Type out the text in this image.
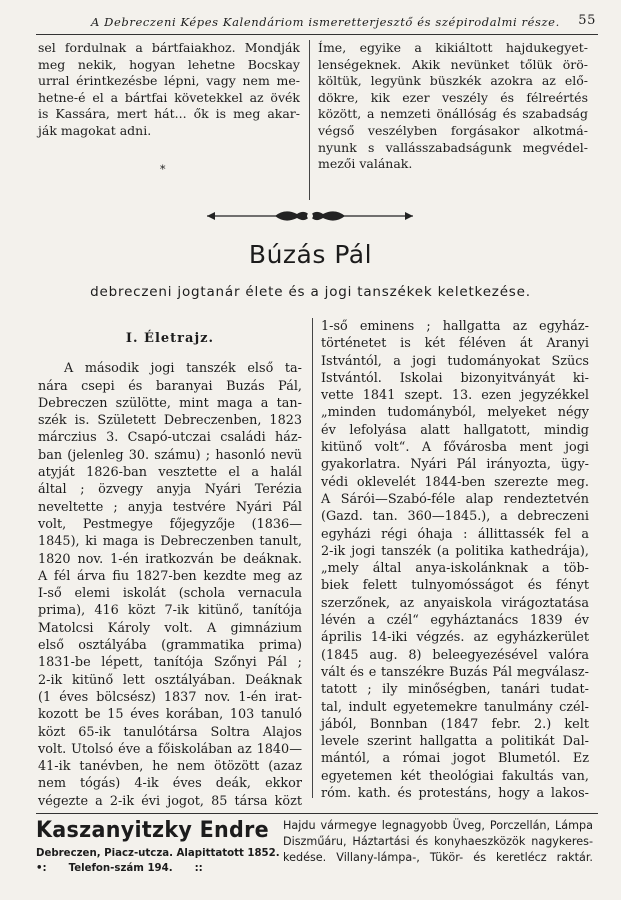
A Debreczeni Képes Kalendáriom ismeretterjesztő és szépirodalmi része. 55
sel fordulnak a bártfaiakhoz. Mondják
meg nekik, hogyan lehetne Bocskay
urral érintkezésbe lépni, vagy nem me-
hetne-é el a bártfai követekkel az övék
is Kassára, mert hát... ők is meg akar-
ják magokat adni.
*
Íme, egyike a kikiáltott hajdukegyet-
lenségeknek. Akik nevünket tőlük örö-
költük, legyünk büszkék azokra az elő-
dökre, kik ezer veszély és félreértés
között, a nemzeti önállóság és szabadság
végső veszélyben forgásakor alkotmá-
nyunk s vallásszabadságunk megvédel-
mezői valának.
Búzás Pál
debreczeni jogtanár élete és a jogi tanszékek keletkezése.
I. Életrajz.
A második jogi tanszék első ta-
nára csepi és baranyai Buzás Pál,
Debreczen szülötte, mint maga a tan-
szék is. Született Debreczenben, 1823
márczius 3. Csapó-utczai családi ház-
ban (jelenleg 30. számu) ; hasonló nevü
atyját 1826-ban vesztette el a halál
által ; özvegy anyja Nyári Terézia
neveltette ; anyja testvére Nyári Pál
volt, Pestmegye főjegyzője (1836—
1845), ki maga is Debreczenben tanult,
1820 nov. 1-én iratkozván be deáknak.
A fél árva fiu 1827-ben kezdte meg az
I-ső elemi iskolát (schola vernacula
prima), 416 közt 7-ik kitünő, tanítója
Matolcsi Károly volt. A gimnázium
első osztályába (grammatika prima)
1831-be lépett, tanítója Szőnyi Pál ;
2-ik kitünő lett osztályában. Deáknak
(1 éves bölcsész) 1837 nov. 1-én irat-
kozott be 15 éves korában, 103 tanuló
közt 65-ik tanulótársa Soltra Alajos
volt. Utolsó éve a főiskolában az 1840—
41-ik tanévben, he nem ötözött (azaz
nem tógás) 4-ik éves deák, ekkor
végezte a 2-ik évi jogot, 85 társa közt
1-ső eminens ; hallgatta az egyház-
történetet is két féléven át Aranyi
Istvántól, a jogi tudományokat Szücs
Istvántól. Iskolai bizonyitványát ki-
vette 1841 szept. 13. ezen jegyzékkel
„minden tudományból, melyeket négy
év lefolyása alatt hallgatott, mindig
kitünő volt“. A fővárosba ment jogi
gyakorlatra. Nyári Pál irányozta, ügy-
védi oklevelét 1844-ben szerezte meg.
A Sárói—Szabó-féle alap rendeztetvén
(Gazd. tan. 360—1845.), a debreczeni
egyházi régi óhaja : állittassék fel a
2-ik jogi tanszék (a politika kathedrája),
„mely által anya-iskolánknak a töb-
biek felett tulnyomósságot és fényt
szerzőnek, az anyaiskola virágoztatása
lévén a czél“ egyháztanács 1839 év
április 14-iki végzés. az egyházkerület
(1845 aug. 8) beleegyezésével valóra
vált és e tanszékre Buzás Pál megválasz-
tatott ; ily minőségben, tanári tudat-
tal, indult egyetemekre tanulmány czél-
jából, Bonnban (1847 febr. 2.) kelt
levele szerint hallgatta a politikát Dal-
mántól, a római jogot Blumetól. Ez
egyetemen két theológiai fakultás van,
róm. kath. és protestáns, hogy a lakos-
Kaszanyitzky Endre
Debreczen, Piacz-utcza. Alapittatott 1852.
•: Telefon-szám 194. ::
Hajdu vármegye legnagyobb Üveg, Porczellán, Lámpa
Diszműáru, Háztartási és konyhaeszközök nagykeres-
kedése. Villany-lámpa-, Tükör- és keretlécz raktár.
